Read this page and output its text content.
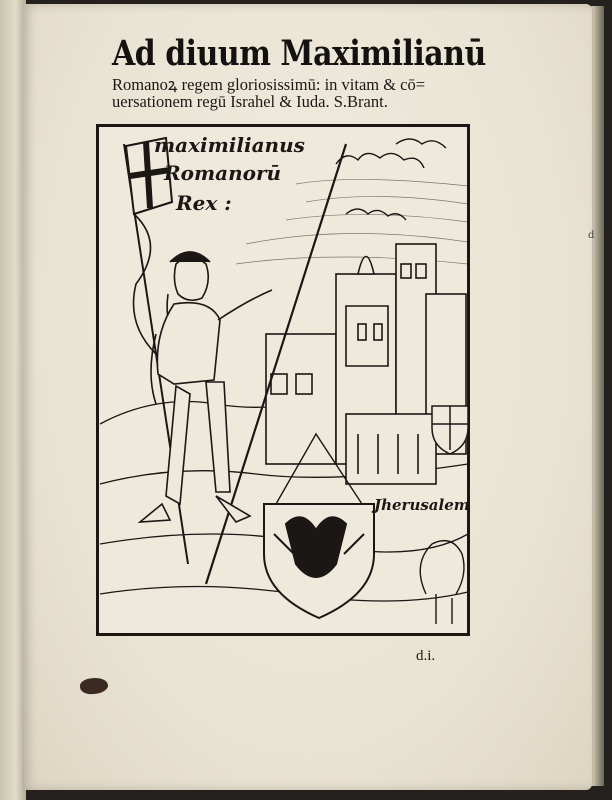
d
Ad diuum Maximilianū
Romanoꝝ regem gloriosissimū: in vitam & cō=
uersationem regū Israhel & Iuda. S.Brant.
maximilianus
Romanorū
Rex :
Jherusalem
d.i.
